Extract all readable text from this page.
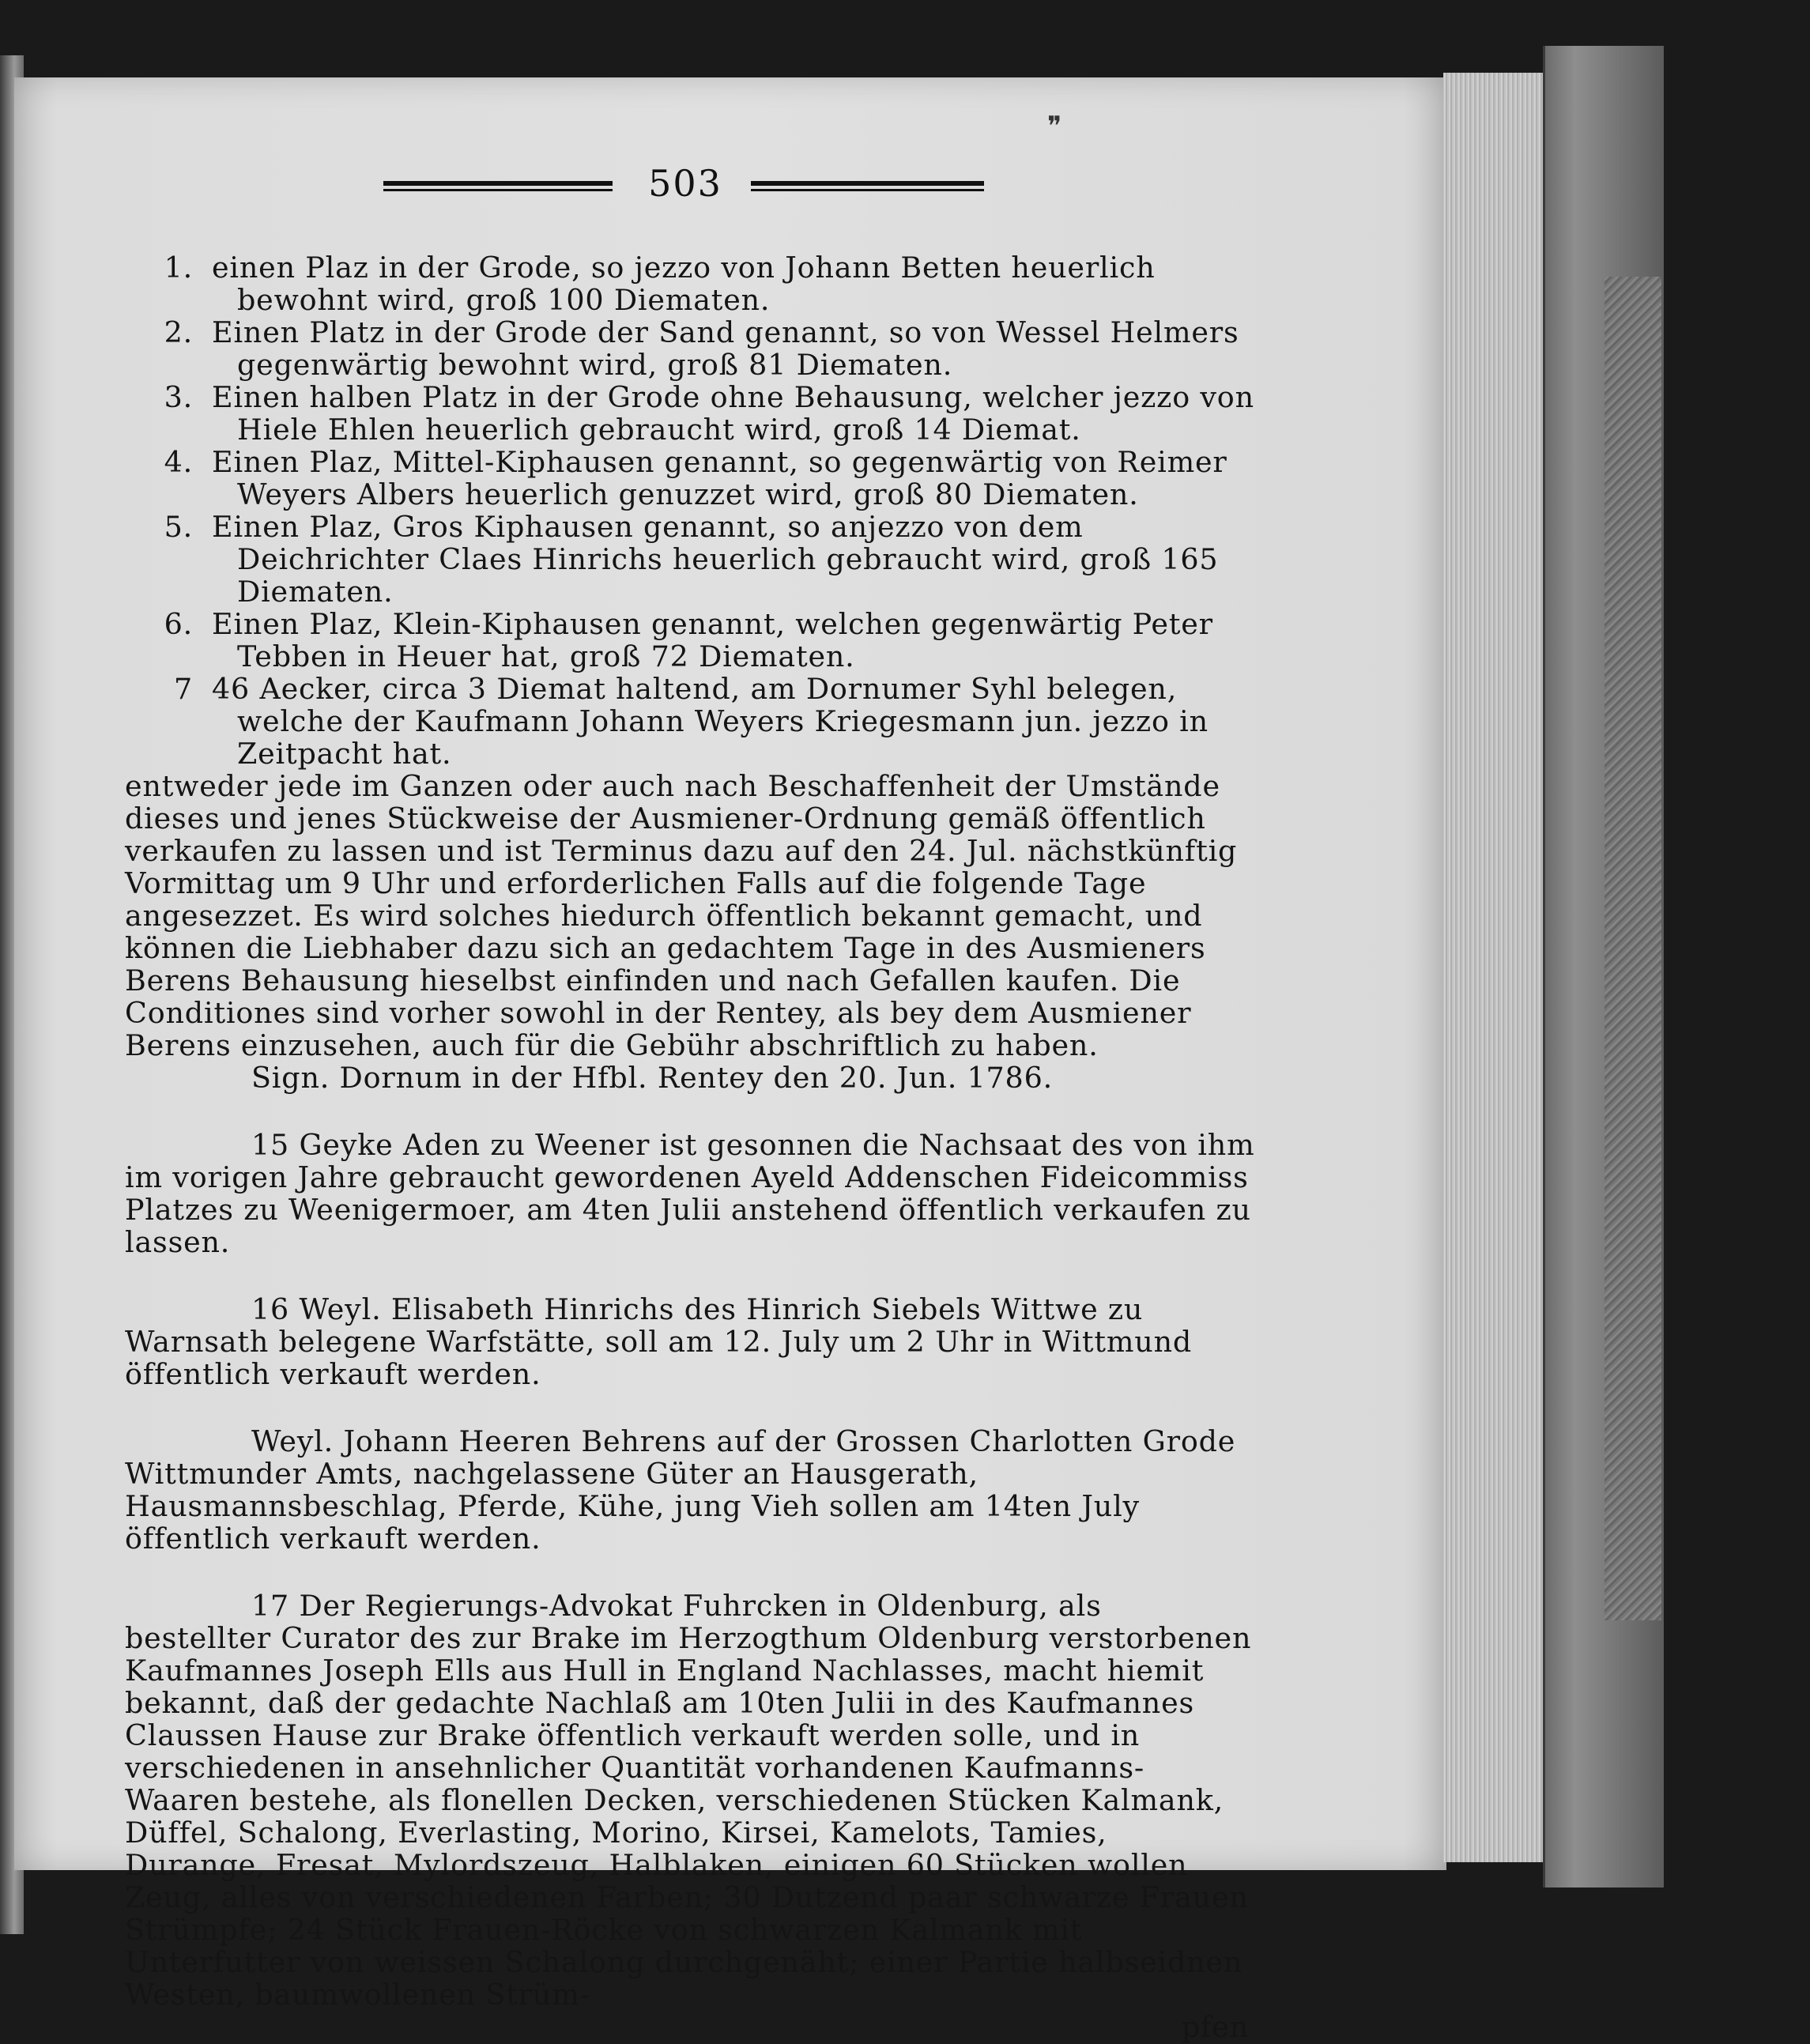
503
❞

1. einen Plaz in der Grode, so jezzo von Johann Betten heuerlich bewohnt wird, groß 100 Diematen.

2. Einen Platz in der Grode der Sand genannt, so von Wessel Helmers gegenwärtig bewohnt wird, groß 81 Diematen.

3. Einen halben Platz in der Grode ohne Behausung, welcher jezzo von Hiele Ehlen heuerlich gebraucht wird, groß 14 Diemat.

4. Einen Plaz, Mittel-Kiphausen genannt, so gegenwärtig von Reimer Weyers Albers heuerlich genuzzet wird, groß 80 Diematen.

5. Einen Plaz, Gros Kiphausen genannt, so anjezzo von dem Deichrichter Claes Hinrichs heuerlich gebraucht wird, groß 165 Diematen.

6. Einen Plaz, Klein-Kiphausen genannt, welchen gegenwärtig Peter Tebben in Heuer hat, groß 72 Diematen.

7 46 Aecker, circa 3 Diemat haltend, am Dornumer Syhl belegen, welche der Kaufmann Johann Weyers Kriegesmann jun. jezzo in Zeitpacht hat.

entweder jede im Ganzen oder auch nach Beschaffenheit der Umstände dieses und jenes Stückweise der Ausmiener-Ordnung gemäß öffentlich verkaufen zu lassen und ist Terminus dazu auf den 24. Jul. nächstkünftig Vormittag um 9 Uhr und erforderlichen Falls auf die folgende Tage angesezzet. Es wird solches hiedurch öffentlich bekannt gemacht, und können die Liebhaber dazu sich an gedachtem Tage in des Ausmieners Berens Behausung hieselbst einfinden und nach Gefallen kaufen. Die Conditiones sind vorher sowohl in der Rentey, als bey dem Ausmiener Berens einzusehen, auch für die Gebühr abschriftlich zu haben.

Sign. Dornum in der Hfbl. Rentey den 20. Jun. 1786.

15 Geyke Aden zu Weener ist gesonnen die Nachsaat des von ihm im vorigen Jahre gebraucht gewordenen Ayeld Addenschen Fideicommiss Platzes zu Weenigermoer, am 4ten Julii anstehend öffentlich verkaufen zu lassen.

16 Weyl. Elisabeth Hinrichs des Hinrich Siebels Wittwe zu Warnsath belegene Warfstätte, soll am 12. July um 2 Uhr in Wittmund öffentlich verkauft werden.

Weyl. Johann Heeren Behrens auf der Grossen Charlotten Grode Wittmunder Amts, nachgelassene Güter an Hausgerath, Hausmannsbeschlag, Pferde, Kühe, jung Vieh sollen am 14ten July öffentlich verkauft werden.

17 Der Regierungs-Advokat Fuhrcken in Oldenburg, als bestellter Curator des zur Brake im Herzogthum Oldenburg verstorbenen Kaufmannes Joseph Ells aus Hull in England Nachlasses, macht hiemit bekannt, daß der gedachte Nachlaß am 10ten Julii in des Kaufmannes Claussen Hause zur Brake öffentlich verkauft werden solle, und in verschiedenen in ansehnlicher Quantität vorhandenen Kaufmanns-Waaren bestehe, als flonellen Decken, verschiedenen Stücken Kalmank, Düffel, Schalong, Everlasting, Morino, Kirsei, Kamelots, Tamies, Durange, Fresat, Mylordszeug, Halblaken, einigen 60 Stücken wollen Zeug, alles von verschiedenen Farben; 30 Dutzend paar schwarze Frauen Strümpfe; 24 Stück Frauen-Röcke von schwarzen Kalmank mit Unterfutter von weissen Schalong durchgenäht; einer Partie halbseidnen Westen, baumwollenen Strüm-

pfen
